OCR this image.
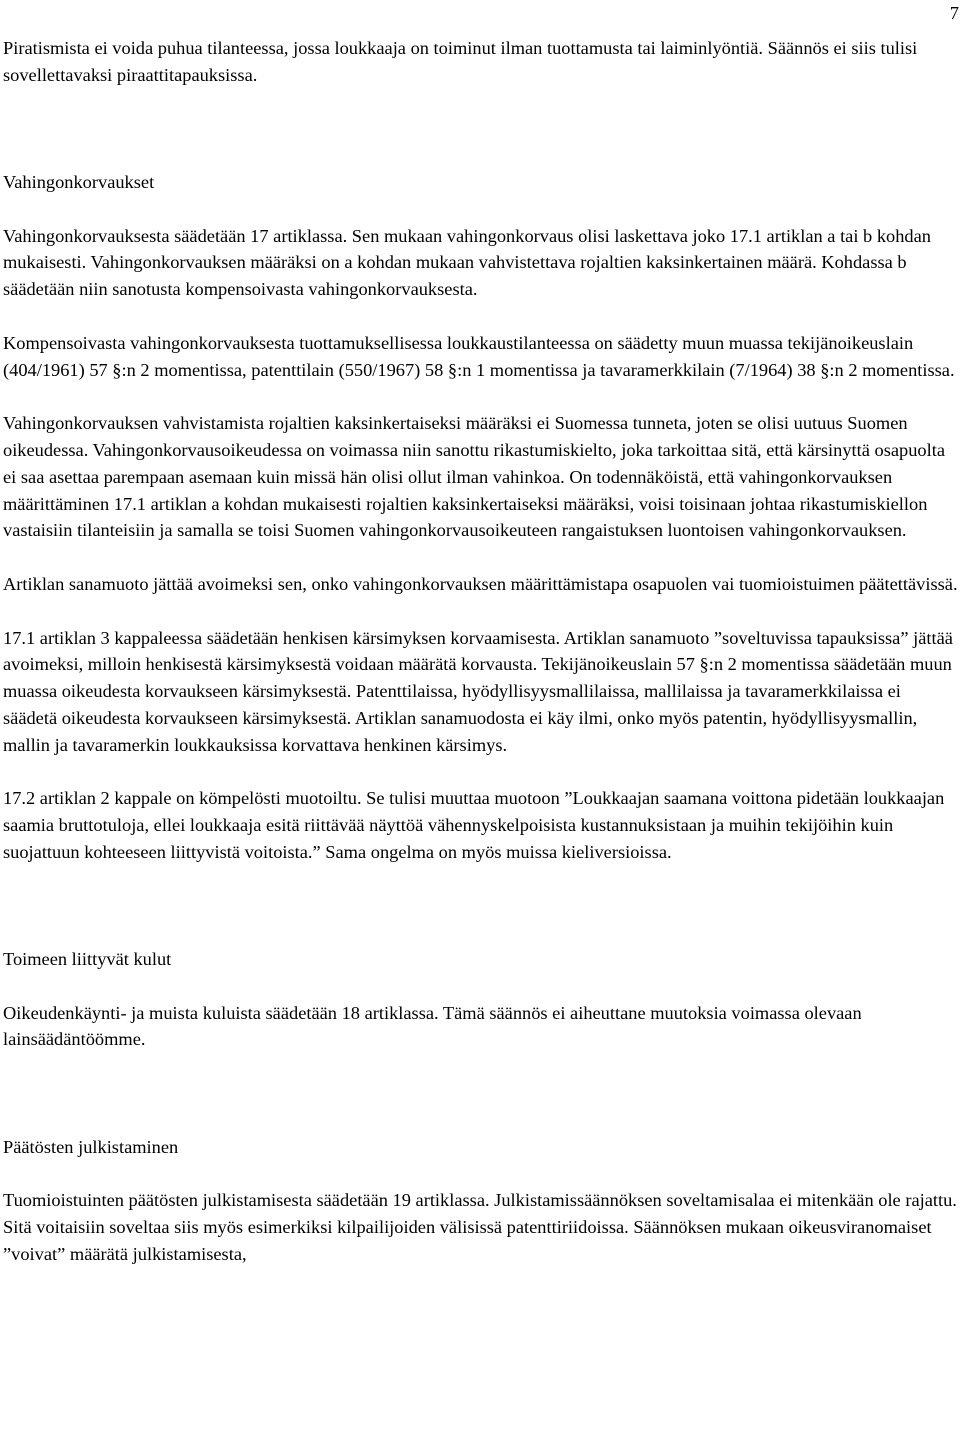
7

Piratismista ei voida puhua tilanteessa, jossa loukkaaja on toiminut ilman tuottamusta tai laiminlyöntiä. Säännös ei siis tulisi sovellettavaksi piraattitapauksissa.

Vahingonkorvaukset

Vahingonkorvauksesta säädetään 17 artiklassa. Sen mukaan vahingonkorvaus olisi laskettava joko 17.1 artiklan a tai b kohdan mukaisesti. Vahingonkorvauksen määräksi on a kohdan mukaan vahvistettava rojaltien kaksinkertainen määrä. Kohdassa b säädetään niin sanotusta kompensoivasta vahingonkorvauksesta.

Kompensoivasta vahingonkorvauksesta tuottamuksellisessa loukkaustilanteessa on säädetty muun muassa tekijänoikeuslain (404/1961) 57 §:n 2 momentissa, patenttilain (550/1967) 58 §:n 1 momentissa ja tavaramerkkilain (7/1964) 38 §:n 2 momentissa.

Vahingonkorvauksen vahvistamista rojaltien kaksinkertaiseksi määräksi ei Suomessa tunneta, joten se olisi uutuus Suomen oikeudessa. Vahingonkorvausoikeudessa on voimassa niin sanottu rikastumiskielto, joka tarkoittaa sitä, että kärsinyttä osapuolta ei saa asettaa parempaan asemaan kuin missä hän olisi ollut ilman vahinkoa. On todennäköistä, että vahingonkorvauksen määrittäminen 17.1 artiklan a kohdan mukaisesti rojaltien kaksinkertaiseksi määräksi, voisi toisinaan johtaa rikastumiskiellon vastaisiin tilanteisiin ja samalla se toisi Suomen vahingonkorvausoikeuteen rangaistuksen luontoisen vahingonkorvauksen.

Artiklan sanamuoto jättää avoimeksi sen, onko vahingonkorvauksen määrittämistapa osapuolen vai tuomioistuimen päätettävissä.

17.1 artiklan 3 kappaleessa säädetään henkisen kärsimyksen korvaamisesta. Artiklan sanamuoto ”soveltuvissa tapauksissa” jättää avoimeksi, milloin henkisestä kärsimyksestä voidaan määrätä korvausta. Tekijänoikeuslain 57 §:n 2 momentissa säädetään muun muassa oikeudesta korvaukseen kärsimyksestä. Patenttilaissa, hyödyllisyysmallilaissa, mallilaissa ja tavaramerkkilaissa ei säädetä oikeudesta korvaukseen kärsimyksestä. Artiklan sanamuodosta ei käy ilmi, onko myös patentin, hyödyllisyysmallin, mallin ja tavaramerkin loukkauksissa korvattava henkinen kärsimys.

17.2 artiklan 2 kappale on kömpelösti muotoiltu. Se tulisi muuttaa muotoon ”Loukkaajan saamana voittona pidetään loukkaajan saamia bruttotuloja, ellei loukkaaja esitä riittävää näyttöä vähennyskelpoisista kustannuksistaan ja muihin tekijöihin kuin suojattuun kohteeseen liittyvistä voitoista.” Sama ongelma on myös muissa kieliversioissa.

Toimeen liittyvät kulut

Oikeudenkäynti- ja muista kuluista säädetään 18 artiklassa. Tämä säännös ei aiheuttane muutoksia voimassa olevaan lainsäädäntöömme.

Päätösten julkistaminen

Tuomioistuinten päätösten julkistamisesta säädetään 19 artiklassa. Julkistamissäännöksen soveltamisalaa ei mitenkään ole rajattu. Sitä voitaisiin soveltaa siis myös esimerkiksi kilpailijoiden välisissä patenttiriidoissa. Säännöksen mukaan oikeusviranomaiset ”voivat” määrätä julkistamisesta,
